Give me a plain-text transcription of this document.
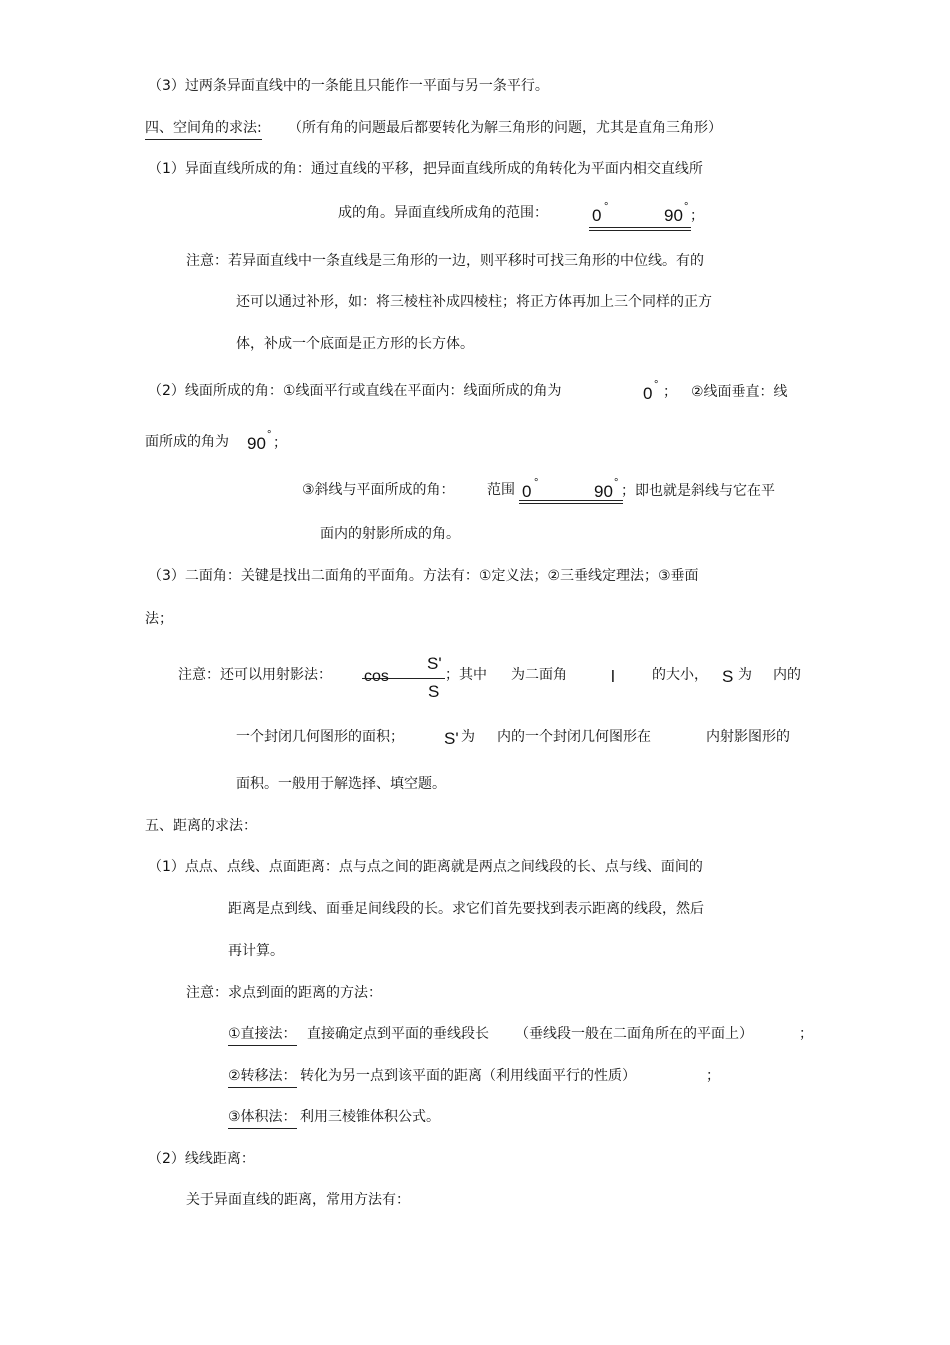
（3）过两条异面直线中的一条能且只能作一平面与另一条平行。
四、空间角的求法: （所有角的问题最后都要转化为解三角形的问题，尤其是直角三角形）
（1）异面直线所成的角：通过直线的平移，把异面直线所成的角转化为平面内相交直线所
成的角。异面直线所成角的范围：	0 °	90 °
；
注意：若异面直线中一条直线是三角形的一边，则平移时可找三角形的中位线。有的
还可以通过补形，如：将三棱柱补成四棱柱；将正方体再加上三个同样的正方
体，补成一个底面是正方形的长方体。
（2）线面所成的角：①线面平行或直线在平面内：线面所成的角为	0 ° ； ②线面垂直：线
面所成的角为 90 ° ；
③斜线与平面所成的角： 范围 0 °	90 ° ；即也就是斜线与它在平
面内的射影所成的角。
（3）二面角：关键是找出二面角的平面角。方法有：①定义法；②三垂线定理法；③垂面
法；
注意：还可以用射影法： cos
S'
S
；其中 为二面角	l	的大小， S 为 内的
一个封闭几何图形的面积； S' 为 内的一个封闭几何图形在	内射影图形的
面积。一般用于解选择、填空题。
五、距离的求法：
（1）点点、点线、点面距离：点与点之间的距离就是两点之间线段的长、点与线、面间的
距离是点到线、面垂足间线段的长。求它们首先要找到表示距离的线段，然后
再计算。
注意：求点到面的距离的方法：
①直接法： 直接确定点到平面的垂线段长 （垂线段一般在二面角所在的平面上）	；
②转移法： 转化为另一点到该平面的距离（利用线面平行的性质）	；
③体积法： 利用三棱锥体积公式。
（2）线线距离：
关于异面直线的距离，常用方法有：
